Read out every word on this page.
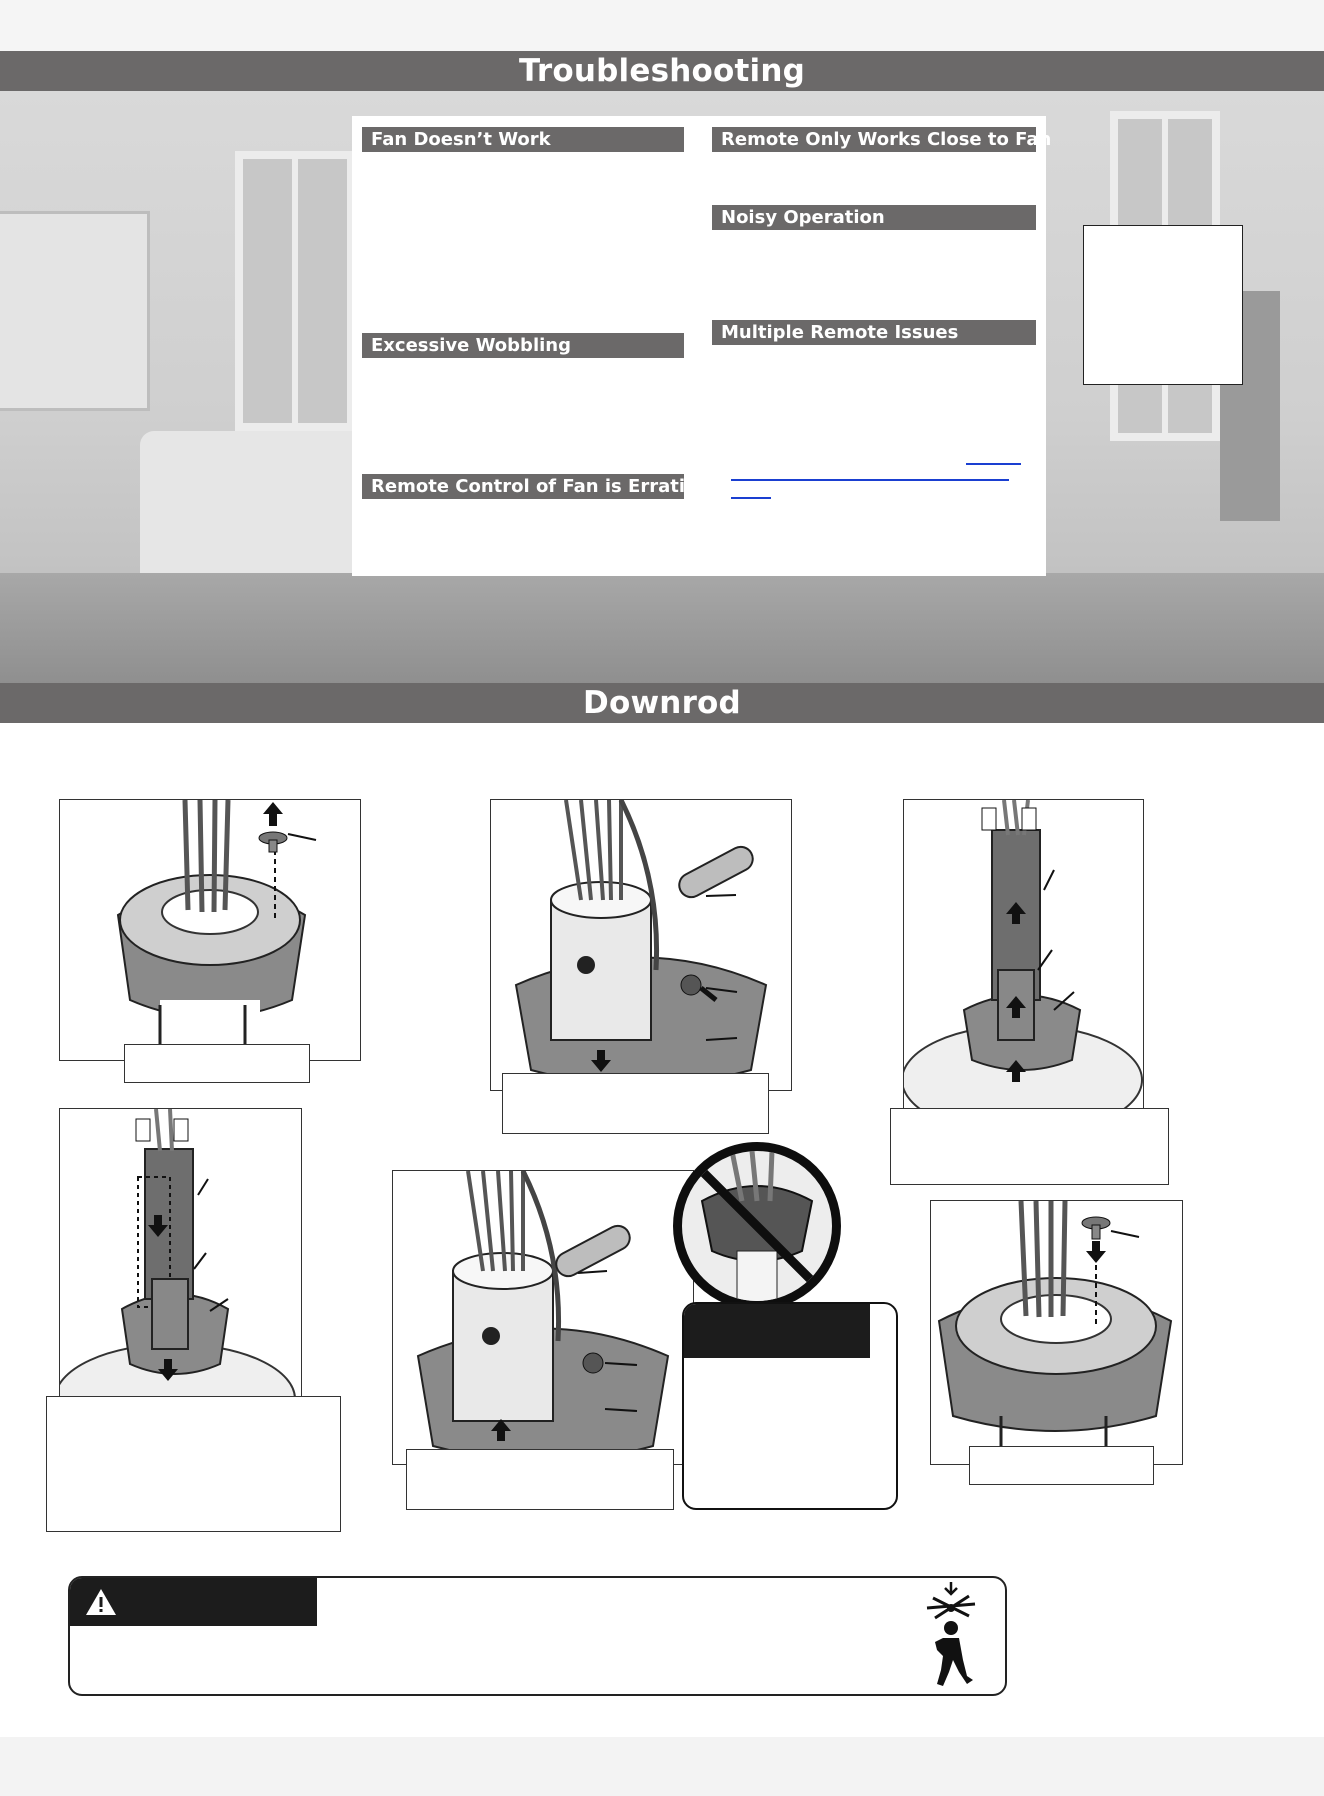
Troubleshooting
Fan Doesn’t Work
Excessive Wobbling
Remote Control of Fan is Erratic
Remote Only Works Close to Fan
Noisy Operation
Multiple Remote Issues
Downrod
